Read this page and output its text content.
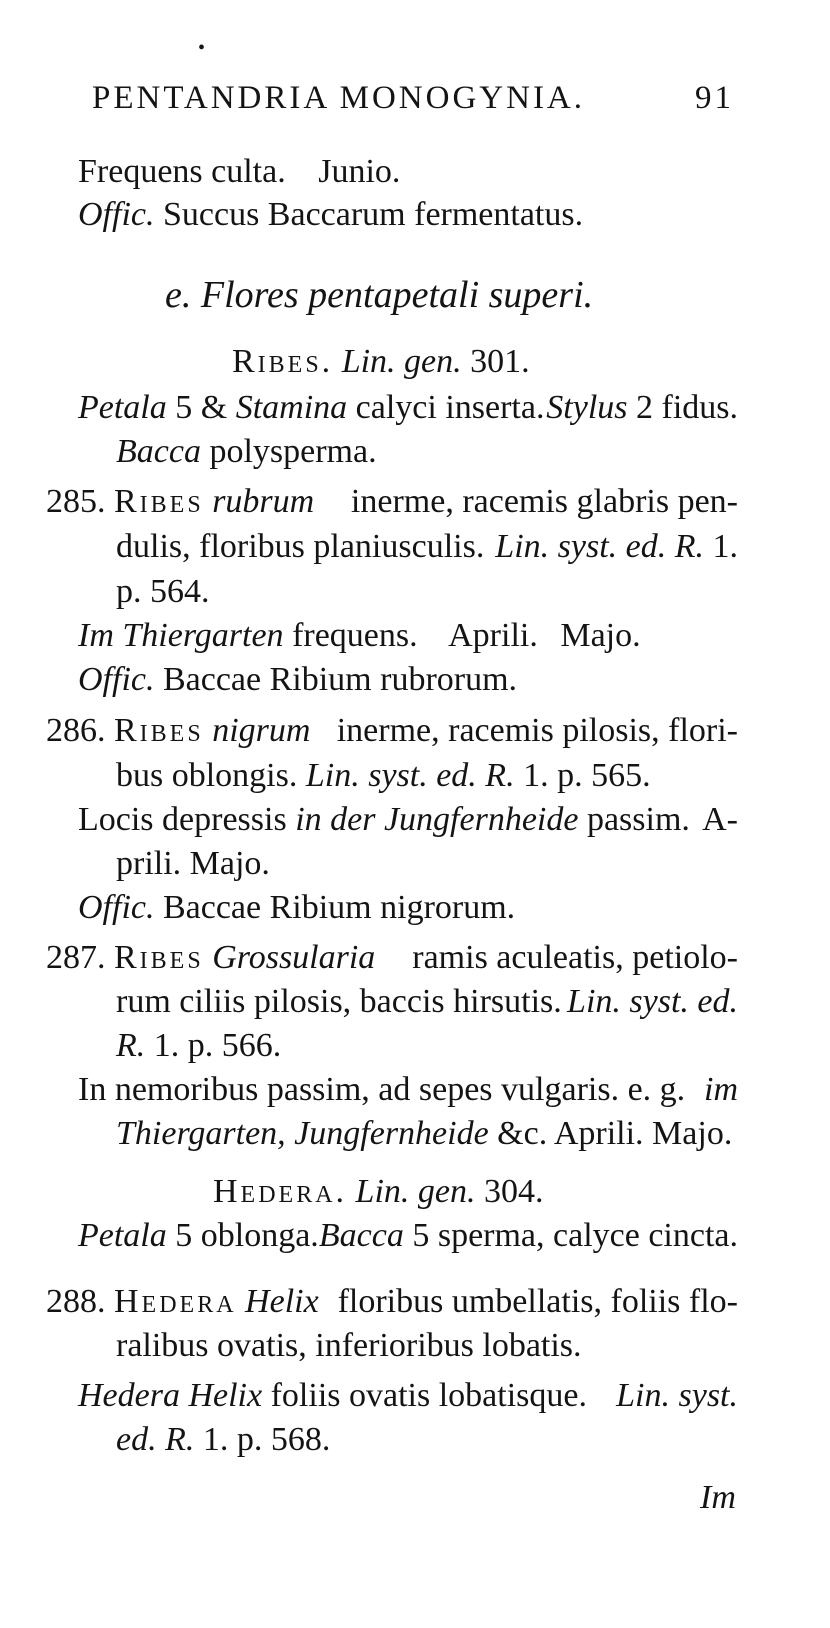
•
PENTANDRIA MONOGYNIA.	91
Frequens culta. Junio.
Offic. Succus Baccarum fermentatus.
e. Flores pentapetali superi.
Ribes. Lin. gen. 301.
Petala 5 & Stamina calyci inserta. Stylus 2 fidus.
Bacca polysperma.
285. Ribes rubrum inerme, racemis glabris pen-
dulis, floribus planiusculis. Lin. syst. ed. R. 1.
p. 564.
Im Thiergarten frequens. Aprili. Majo.
Offic. Baccae Ribium rubrorum.
286. Ribes nigrum inerme, racemis pilosis, flori-
bus oblongis. Lin. syst. ed. R. 1. p. 565.
Locis depressis in der Jungfernheide passim. A-
prili. Majo.
Offic. Baccae Ribium nigrorum.
287. Ribes Grossularia ramis aculeatis, petiolo-
rum ciliis pilosis, baccis hirsutis. Lin. syst. ed.
R. 1. p. 566.
In nemoribus passim, ad sepes vulgaris. e. g. im
Thiergarten, Jungfernheide &c. Aprili. Majo.
Hedera. Lin. gen. 304.
Petala 5 oblonga. Bacca 5 sperma, calyce cincta.
288. Hedera Helix floribus umbellatis, foliis flo-
ralibus ovatis, inferioribus lobatis.
Hedera Helix foliis ovatis lobatisque. Lin. syst.
ed. R. 1. p. 568.
Im
